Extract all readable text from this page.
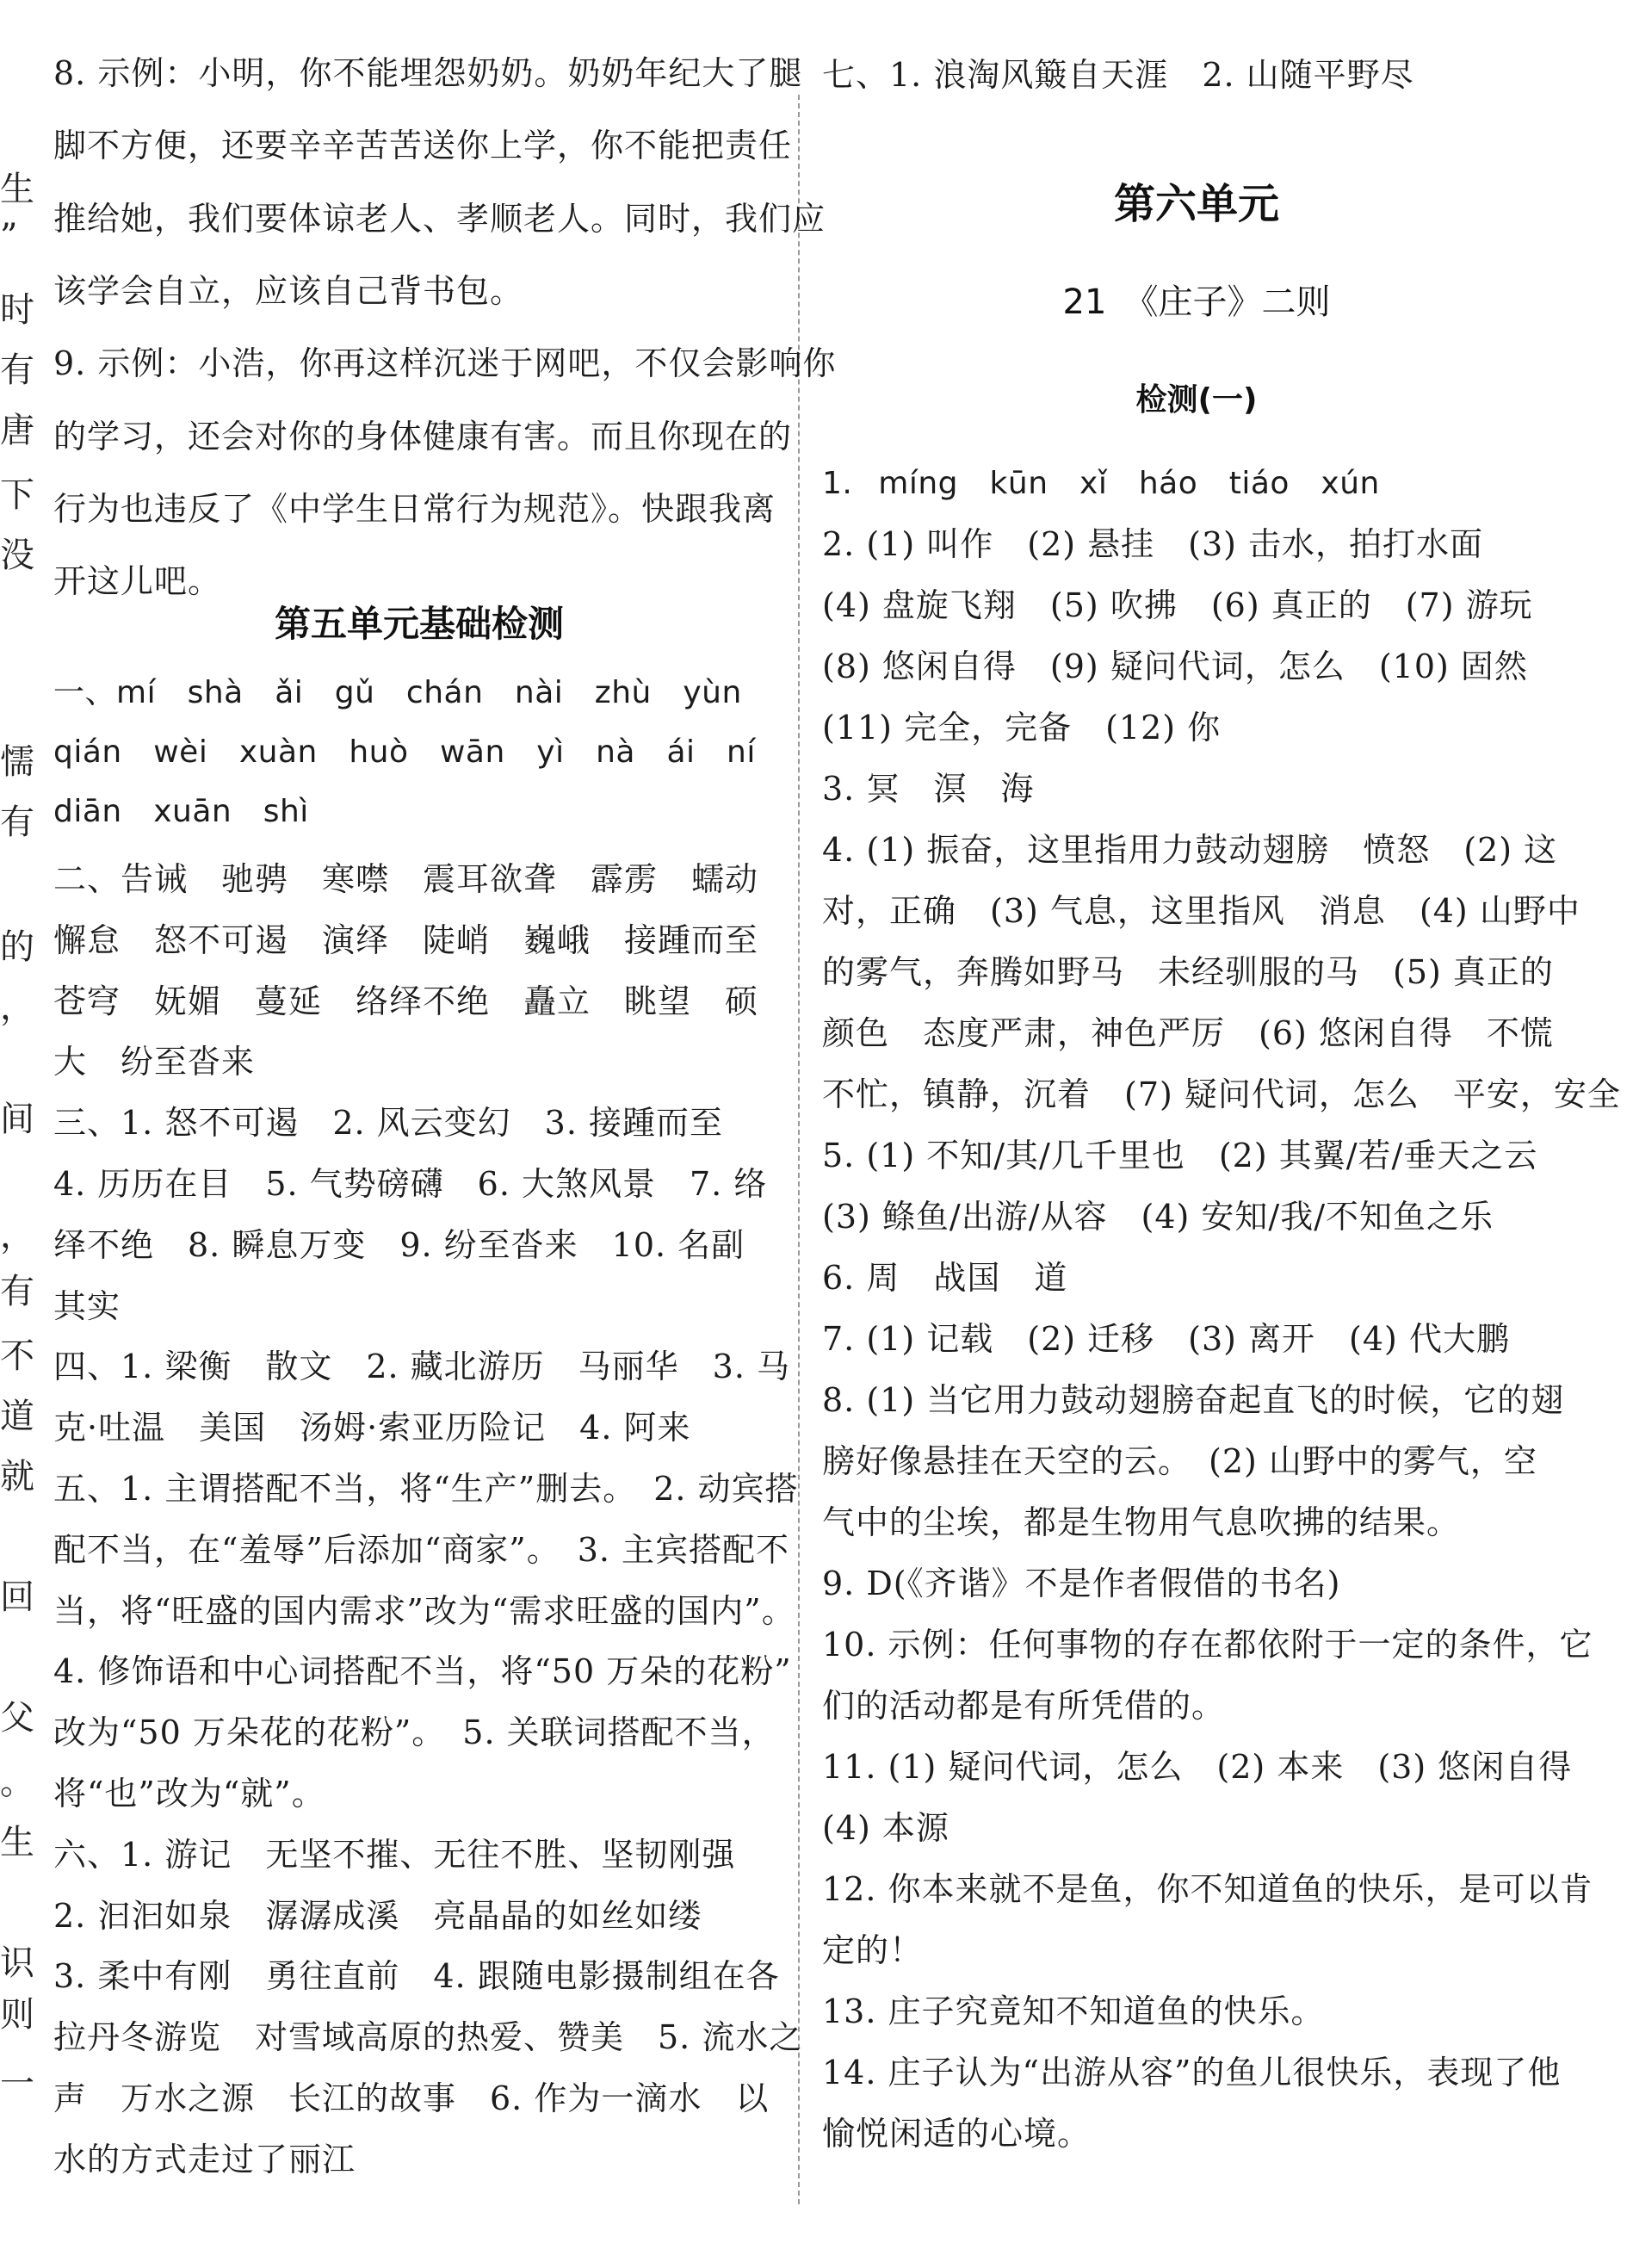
生
”
时
有
唐
下
没
懦
有
的
，
间
，
有
不
道
就
回
父
。
生
识
则
一
8. 示例：小明，你不能埋怨奶奶。奶奶年纪大了腿
脚不方便，还要辛辛苦苦送你上学，你不能把责任
推给她，我们要体谅老人、孝顺老人。同时，我们应
该学会自立，应该自己背书包。
9. 示例：小浩，你再这样沉迷于网吧，不仅会影响你
的学习，还会对你的身体健康有害。而且你现在的
行为也违反了《中学生日常行为规范》。快跟我离
开这儿吧。
第五单元基础检测
一、mí　shà　ǎi　gǔ　chán　nài　zhù　yùn
qián　wèi　xuàn　huò　wān　yì　nà　ái　ní
diān　xuān　shì
二、告诫　驰骋　寒噤　震耳欲聋　霹雳　蠕动
懈怠　怒不可遏　演绎　陡峭　巍峨　接踵而至
苍穹　妩媚　蔓延　络绎不绝　矗立　眺望　硕
大　纷至沓来
三、1. 怒不可遏　2. 风云变幻　3. 接踵而至
4. 历历在目　5. 气势磅礴　6. 大煞风景　7. 络
绎不绝　8. 瞬息万变　9. 纷至沓来　10. 名副
其实
四、1. 梁衡　散文　2. 藏北游历　马丽华　3. 马
克·吐温　美国　汤姆·索亚历险记　4. 阿来
五、1. 主谓搭配不当，将“生产”删去。　2. 动宾搭
配不当，在“羞辱”后添加“商家”。　3. 主宾搭配不
当，将“旺盛的国内需求”改为“需求旺盛的国内”。
4. 修饰语和中心词搭配不当，将“50 万朵的花粉”
改为“50 万朵花的花粉”。　5. 关联词搭配不当，
将“也”改为“就”。
六、1. 游记　无坚不摧、无往不胜、坚韧刚强
2. 汩汩如泉　潺潺成溪　亮晶晶的如丝如缕
3. 柔中有刚　勇往直前　4. 跟随电影摄制组在各
拉丹冬游览　对雪域高原的热爱、赞美　5. 流水之
声　万水之源　长江的故事　6. 作为一滴水　以
水的方式走过了丽江
七、1. 浪淘风簸自天涯　2. 山随平野尽
第六单元
21　《庄子》二则
检测(一)
1. míng　kūn　xǐ　háo　tiáo　xún
2. (1) 叫作　(2) 悬挂　(3) 击水，拍打水面
(4) 盘旋飞翔　(5) 吹拂　(6) 真正的　(7) 游玩
(8) 悠闲自得　(9) 疑问代词，怎么　(10) 固然
(11) 完全，完备　(12) 你
3. 冥　溟　海
4. (1) 振奋，这里指用力鼓动翅膀　愤怒　(2) 这
对，正确　(3) 气息，这里指风　消息　(4) 山野中
的雾气，奔腾如野马　未经驯服的马　(5) 真正的
颜色　态度严肃，神色严厉　(6) 悠闲自得　不慌
不忙，镇静，沉着　(7) 疑问代词，怎么　平安，安全
5. (1) 不知/其/几千里也　(2) 其翼/若/垂天之云
(3) 鲦鱼/出游/从容　(4) 安知/我/不知鱼之乐
6. 周　战国　道
7. (1) 记载　(2) 迁移　(3) 离开　(4) 代大鹏
8. (1) 当它用力鼓动翅膀奋起直飞的时候，它的翅
膀好像悬挂在天空的云。　(2) 山野中的雾气，空
气中的尘埃，都是生物用气息吹拂的结果。
9. D(《齐谐》不是作者假借的书名)
10. 示例：任何事物的存在都依附于一定的条件，它
们的活动都是有所凭借的。
11. (1) 疑问代词，怎么　(2) 本来　(3) 悠闲自得
(4) 本源
12. 你本来就不是鱼，你不知道鱼的快乐，是可以肯
定的！
13. 庄子究竟知不知道鱼的快乐。
14. 庄子认为“出游从容”的鱼儿很快乐，表现了他
愉悦闲适的心境。
